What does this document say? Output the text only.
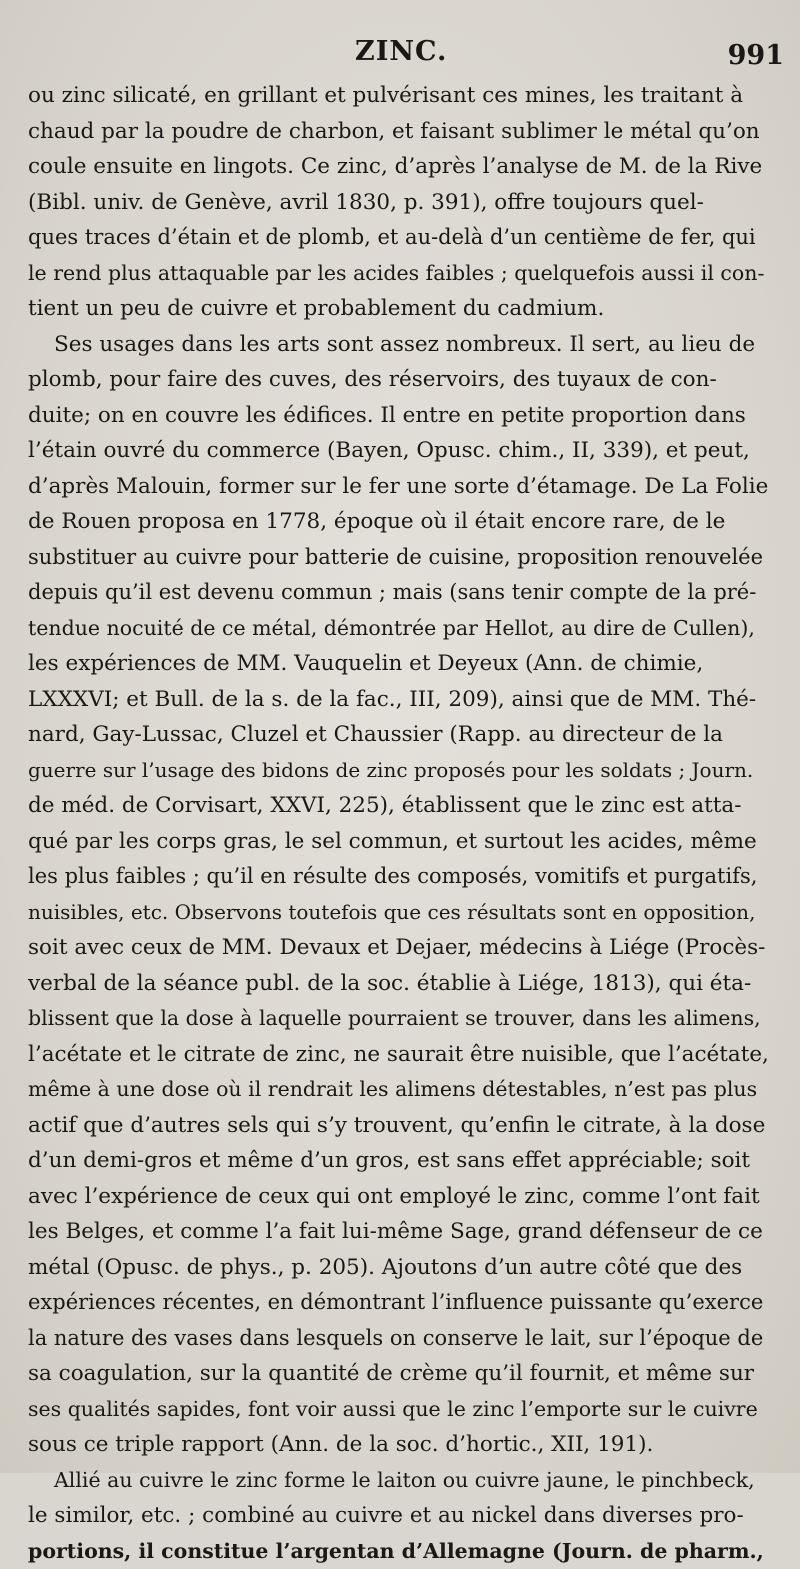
ZINC.	991
ou zinc silicaté, en grillant et pulvérisant ces mines, les traitant à
chaud par la poudre de charbon, et faisant sublimer le métal qu’on
coule ensuite en lingots. Ce zinc, d’après l’analyse de M. de la Rive
(Bibl. univ. de Genève, avril 1830, p. 391), offre toujours quel-
ques traces d’étain et de plomb, et au-delà d’un centième de fer, qui
le rend plus attaquable par les acides faibles ; quelquefois aussi il con-
tient un peu de cuivre et probablement du cadmium.
Ses usages dans les arts sont assez nombreux. Il sert, au lieu de
plomb, pour faire des cuves, des réservoirs, des tuyaux de con-
duite; on en couvre les édifices. Il entre en petite proportion dans
l’étain ouvré du commerce (Bayen, Opusc. chim., II, 339), et peut,
d’après Malouin, former sur le fer une sorte d’étamage. De La Folie
de Rouen proposa en 1778, époque où il était encore rare, de le
substituer au cuivre pour batterie de cuisine, proposition renouvelée
depuis qu’il est devenu commun ; mais (sans tenir compte de la pré-
tendue nocuité de ce métal, démontrée par Hellot, au dire de Cullen),
les expériences de MM. Vauquelin et Deyeux (Ann. de chimie,
LXXXVI; et Bull. de la s. de la fac., III, 209), ainsi que de MM. Thé-
nard, Gay-Lussac, Cluzel et Chaussier (Rapp. au directeur de la
guerre sur l’usage des bidons de zinc proposés pour les soldats ; Journ.
de méd. de Corvisart, XXVI, 225), établissent que le zinc est atta-
qué par les corps gras, le sel commun, et surtout les acides, même
les plus faibles ; qu’il en résulte des composés, vomitifs et purgatifs,
nuisibles, etc. Observons toutefois que ces résultats sont en opposition,
soit avec ceux de MM. Devaux et Dejaer, médecins à Liége (Procès-
verbal de la séance publ. de la soc. établie à Liége, 1813), qui éta-
blissent que la dose à laquelle pourraient se trouver, dans les alimens,
l’acétate et le citrate de zinc, ne saurait être nuisible, que l’acétate,
même à une dose où il rendrait les alimens détestables, n’est pas plus
actif que d’autres sels qui s’y trouvent, qu’enfin le citrate, à la dose
d’un demi-gros et même d’un gros, est sans effet appréciable; soit
avec l’expérience de ceux qui ont employé le zinc, comme l’ont fait
les Belges, et comme l’a fait lui-même Sage, grand défenseur de ce
métal (Opusc. de phys., p. 205). Ajoutons d’un autre côté que des
expériences récentes, en démontrant l’influence puissante qu’exerce
la nature des vases dans lesquels on conserve le lait, sur l’époque de
sa coagulation, sur la quantité de crème qu’il fournit, et même sur
ses qualités sapides, font voir aussi que le zinc l’emporte sur le cuivre
sous ce triple rapport (Ann. de la soc. d’hortic., XII, 191).
Allié au cuivre le zinc forme le laiton ou cuivre jaune, le pinchbeck,
le similor, etc. ; combiné au cuivre et au nickel dans diverses pro-
portions, il constitue l’argentan d’Allemagne (Journ. de pharm.,
